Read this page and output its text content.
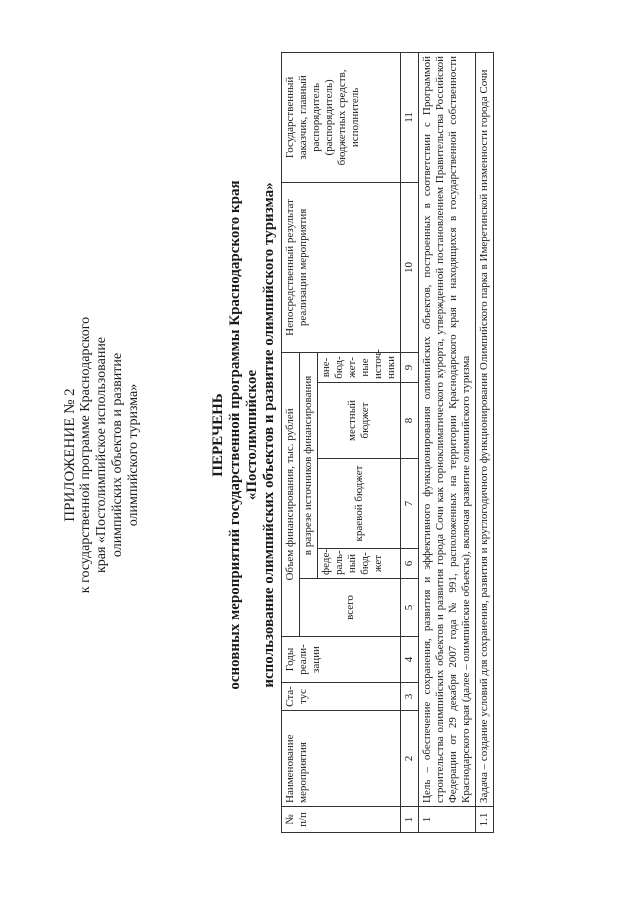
ПРИЛОЖЕНИЕ № 2 к государственной программе Краснодарского края «Постолимпийское использование олимпийских объектов и развитие олимпийского туризма»	ПЕРЕЧЕНЬ основных мероприятий государственной программы Краснодарского края «Постолимпийское использование олимпийских объектов и развитие олимпийского туризма»
№ п/п	Наименование мероприятия	Ста-тус	Годы реали-зации	Объем финансирования, тыс. рублей					Непосредственный результат реализации мероприятия	Государственный заказчик, главный распорядитель (распорядитель) бюджетных средств, исполнитель
				всего	в разрезе источников финансирования					
					феде-раль-ный бюд-жет	краевой бюджет	местный бюджет	вне-бюд-жет-ные источ-ники		
1	2	3	4	5	6	7	8	9	10	11
1	Цель – обеспечение сохранения, развития и эффективного функционирования олимпийских объектов, построенных в соответствии с Программой строительства олимпийских объектов и развития города Сочи как горноклиматического курорта, утвержденной постановлением Правительства Российской Федерации от 29 декабря 2007 года № 991, расположенных на территории Краснодарского края и находящихся в государственной собственности Краснодарского края (далее – олимпийские объекты), включая развитие олимпийского туризма									
1.1	Задача – создание условий для сохранения, развития и круглогодичного функционирования Олимпийского парка в Имеретинской низменности города Сочи									
